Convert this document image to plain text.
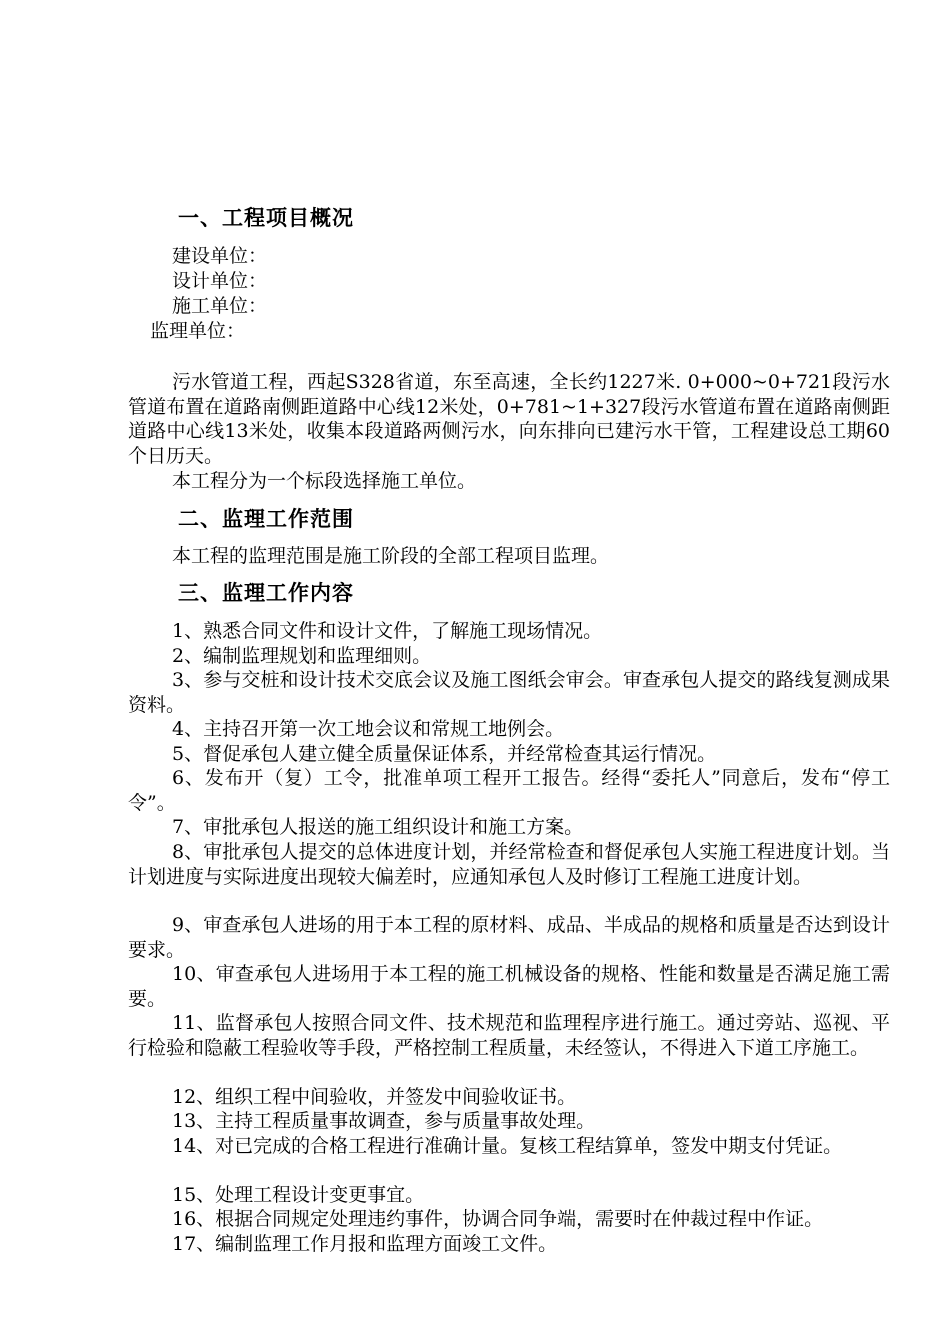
一、工程项目概况
建设单位：
设计单位：
施工单位：
监理单位：
污水管道工程，西起S328省道，东至高速，全长约1227米. 0+000~0+721段污水管道布置在道路南侧距道路中心线12米处，0+781~1+327段污水管道布置在道路南侧距道路中心线13米处，收集本段道路两侧污水，向东排向已建污水干管，工程建设总工期60个日历天。
本工程分为一个标段选择施工单位。
二、监理工作范围
本工程的监理范围是施工阶段的全部工程项目监理。
三、监理工作内容
1、熟悉合同文件和设计文件，了解施工现场情况。
2、编制监理规划和监理细则。
3、参与交桩和设计技术交底会议及施工图纸会审会。审查承包人提交的路线复测成果资料。
4、主持召开第一次工地会议和常规工地例会。
5、督促承包人建立健全质量保证体系，并经常检查其运行情况。
6、发布开（复）工令，批准单项工程开工报告。经得“委托人”同意后，发布“停工令”。
7、审批承包人报送的施工组织设计和施工方案。
8、审批承包人提交的总体进度计划，并经常检查和督促承包人实施工程进度计划。当计划进度与实际进度出现较大偏差时，应通知承包人及时修订工程施工进度计划。
9、审查承包人进场的用于本工程的原材料、成品、半成品的规格和质量是否达到设计要求。
10、审查承包人进场用于本工程的施工机械设备的规格、性能和数量是否满足施工需要。
11、监督承包人按照合同文件、技术规范和监理程序进行施工。通过旁站、巡视、平行检验和隐蔽工程验收等手段，严格控制工程质量，未经签认，不得进入下道工序施工。
12、组织工程中间验收，并签发中间验收证书。
13、主持工程质量事故调查，参与质量事故处理。
14、对已完成的合格工程进行准确计量。复核工程结算单，签发中期支付凭证。
15、处理工程设计变更事宜。
16、根据合同规定处理违约事件，协调合同争端，需要时在仲裁过程中作证。
17、编制监理工作月报和监理方面竣工文件。
